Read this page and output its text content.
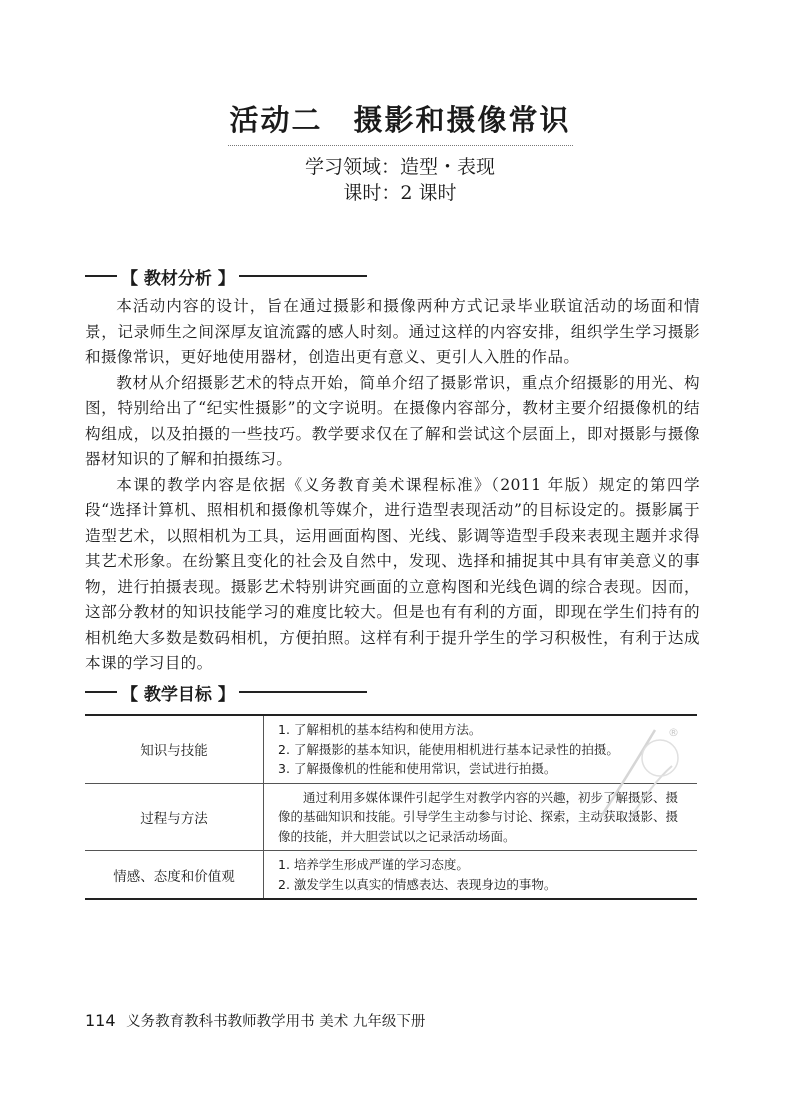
活动二　摄影和摄像常识
学习领域：造型・表现
课时：2 课时
【 教材分析 】

本活动内容的设计，旨在通过摄影和摄像两种方式记录毕业联谊活动的场面和情景，记录师生之间深厚友谊流露的感人时刻。通过这样的内容安排，组织学生学习摄影和摄像常识，更好地使用器材，创造出更有意义、更引人入胜的作品。

教材从介绍摄影艺术的特点开始，简单介绍了摄影常识，重点介绍摄影的用光、构图，特别给出了“纪实性摄影”的文字说明。在摄像内容部分，教材主要介绍摄像机的结构组成，以及拍摄的一些技巧。教学要求仅在了解和尝试这个层面上，即对摄影与摄像器材知识的了解和拍摄练习。

本课的教学内容是依据《义务教育美术课程标准》（2011 年版）规定的第四学段“选择计算机、照相机和摄像机等媒介，进行造型表现活动”的目标设定的。摄影属于造型艺术，以照相机为工具，运用画面构图、光线、影调等造型手段来表现主题并求得其艺术形象。在纷繁且变化的社会及自然中，发现、选择和捕捉其中具有审美意义的事物，进行拍摄表现。摄影艺术特别讲究画面的立意构图和光线色调的综合表现。因而，这部分教材的知识技能学习的难度比较大。但是也有有利的方面，即现在学生们持有的相机绝大多数是数码相机，方便拍照。这样有利于提升学生的学习积极性，有利于达成本课的学习目的。

【 教学目标 】
知识与技能	1. 了解相机的基本结构和使用方法。
2. 了解摄影的基本知识，能使用相机进行基本记录性的拍摄。
3. 了解摄像机的性能和使用常识，尝试进行拍摄。

过程与方法	通过利用多媒体课件引起学生对教学内容的兴趣，初步了解摄影、摄像的基础知识和技能。引导学生主动参与讨论、探索，主动获取摄影、摄像的技能，并大胆尝试以之记录活动场面。

情感、态度和价值观	1. 培养学生形成严谨的学习态度。
2. 激发学生以真实的情感表达、表现身边的事物。
®
114 义务教育教科书教师教学用书 美术 九年级下册
